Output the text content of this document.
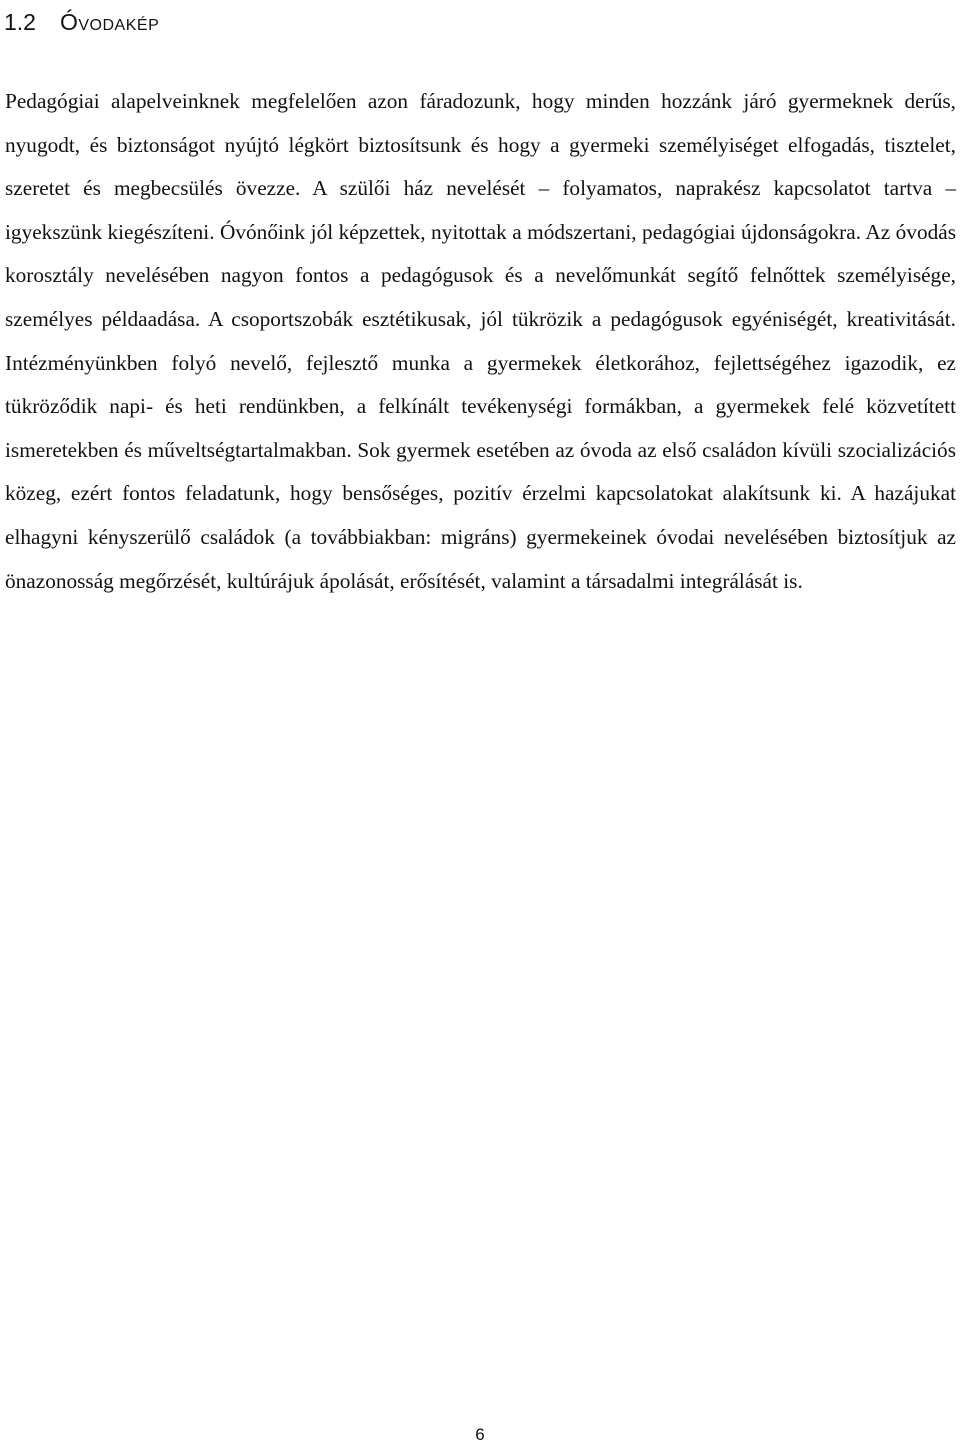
1.2 Óvodakép

Pedagógiai alapelveinknek megfelelően azon fáradozunk, hogy minden hozzánk járó gyermeknek derűs, nyugodt, és biztonságot nyújtó légkört biztosítsunk és hogy a gyermeki személyiséget elfogadás, tisztelet, szeretet és megbecsülés övezze. A szülői ház nevelését – folyamatos, naprakész kapcsolatot tartva – igyekszünk kiegészíteni. Óvónőink jól képzettek, nyitottak a módszertani, pedagógiai újdonságokra. Az óvodás korosztály nevelésében nagyon fontos a pedagógusok és a nevelőmunkát segítő felnőttek személyisége, személyes példaadása. A csoportszobák esztétikusak, jól tükrözik a pedagógusok egyéniségét, kreativitását. Intézményünkben folyó nevelő, fejlesztő munka a gyermekek életkorához, fejlettségéhez igazodik, ez tükröződik napi- és heti rendünkben, a felkínált tevékenységi formákban, a gyermekek felé közvetített ismeretekben és műveltségtartalmakban. Sok gyermek esetében az óvoda az első családon kívüli szocializációs közeg, ezért fontos feladatunk, hogy bensőséges, pozitív érzelmi kapcsolatokat alakítsunk ki. A hazájukat elhagyni kényszerülő családok (a továbbiakban: migráns) gyermekeinek óvodai nevelésében biztosítjuk az önazonosság megőrzését, kultúrájuk ápolását, erősítését, valamint a társadalmi integrálását is.

6
